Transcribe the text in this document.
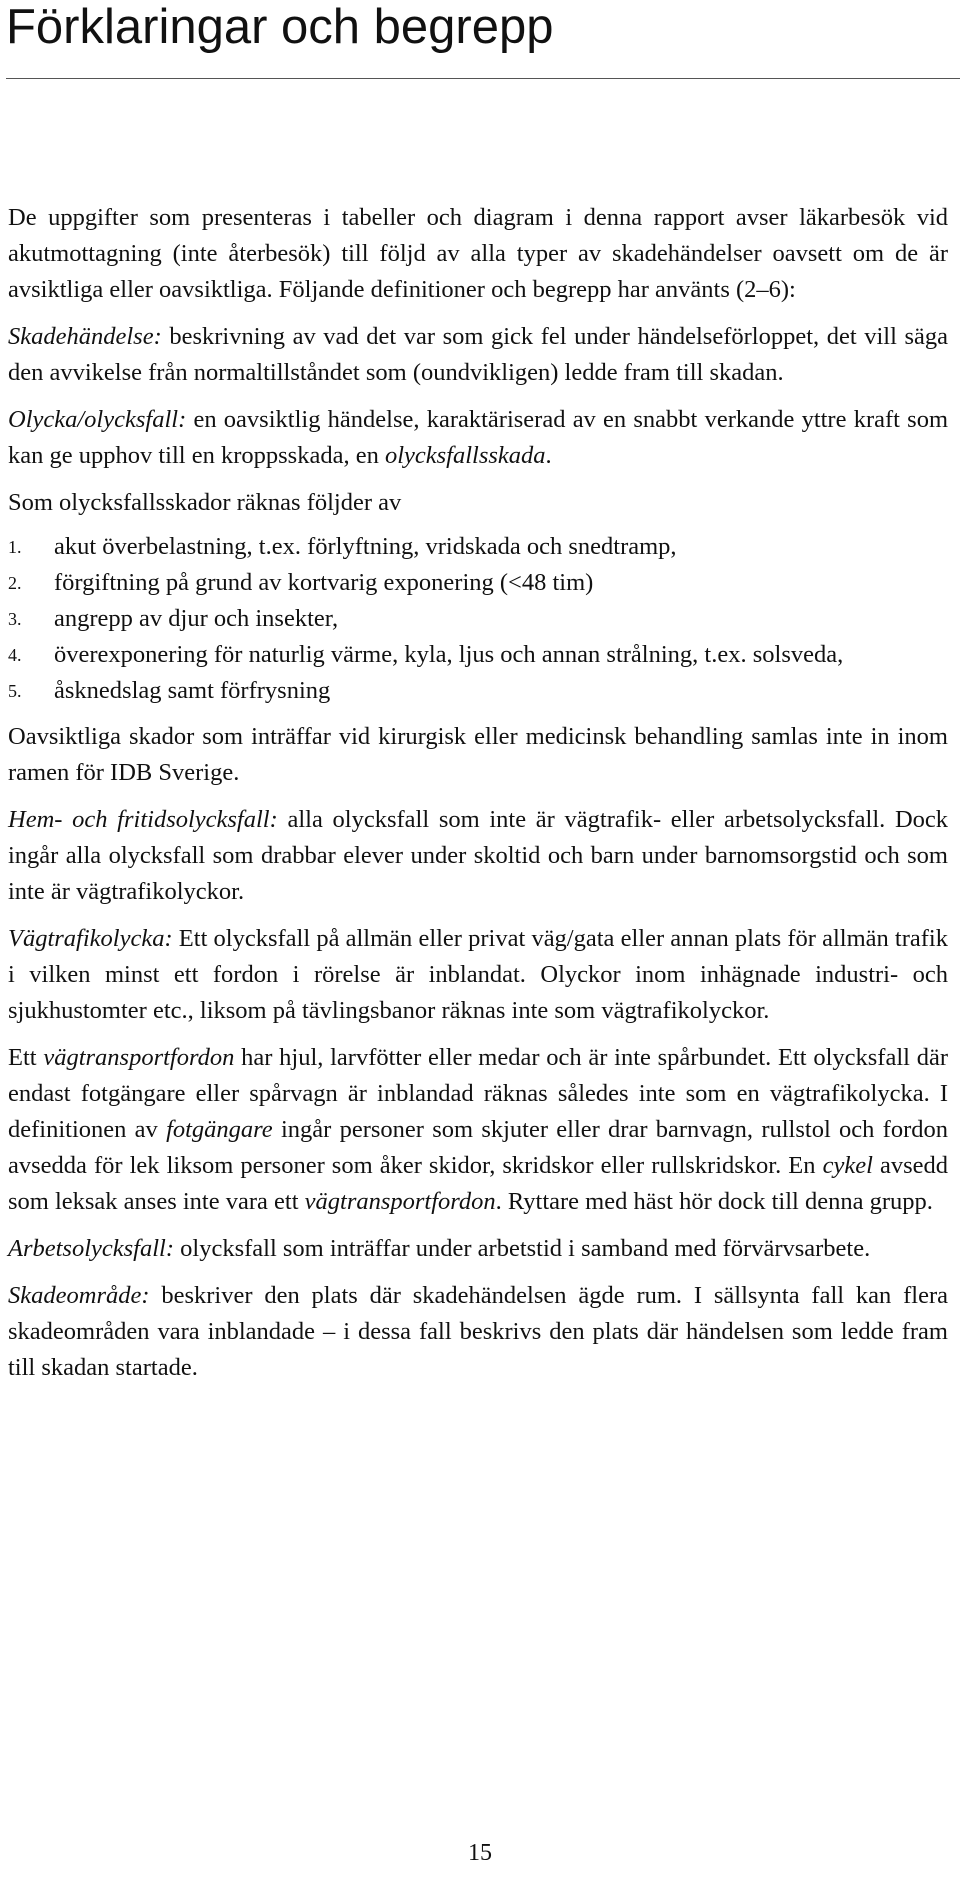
Förklaringar och begrepp

De uppgifter som presenteras i tabeller och diagram i denna rapport avser läkarbesök vid akutmottagning (inte återbesök) till följd av alla typer av skadehändelser oavsett om de är avsiktliga eller oavsiktliga. Följande definitioner och begrepp har använts (2–6):

Skadehändelse: beskrivning av vad det var som gick fel under händelseförloppet, det vill säga den avvikelse från normaltillståndet som (oundvikligen) ledde fram till skadan.

Olycka/olycksfall: en oavsiktlig händelse, karaktäriserad av en snabbt verkande yttre kraft som kan ge upphov till en kroppsskada, en olycksfallsskada.

Som olycksfallsskador räknas följder av

1. akut överbelastning, t.ex. förlyftning, vridskada och snedtramp,
2. förgiftning på grund av kortvarig exponering (<48 tim)
3. angrepp av djur och insekter,
4. överexponering för naturlig värme, kyla, ljus och annan strålning, t.ex. solsveda,
5. åsknedslag samt förfrysning

Oavsiktliga skador som inträffar vid kirurgisk eller medicinsk behandling samlas inte in inom ramen för IDB Sverige.

Hem- och fritidsolycksfall: alla olycksfall som inte är vägtrafik- eller arbetsolycksfall. Dock ingår alla olycksfall som drabbar elever under skoltid och barn under barnomsorgstid och som inte är vägtrafikolyckor.

Vägtrafikolycka: Ett olycksfall på allmän eller privat väg/gata eller annan plats för allmän trafik i vilken minst ett fordon i rörelse är inblandat. Olyckor inom inhägnade industri- och sjukhustomter etc., liksom på tävlingsbanor räknas inte som vägtrafikolyckor.

Ett vägtransportfordon har hjul, larvfötter eller medar och är inte spårbundet. Ett olycksfall där endast fotgängare eller spårvagn är inblandad räknas således inte som en vägtrafikolycka. I definitionen av fotgängare ingår personer som skjuter eller drar barnvagn, rullstol och fordon avsedda för lek liksom personer som åker skidor, skridskor eller rullskridskor. En cykel avsedd som leksak anses inte vara ett vägtransportfordon. Ryttare med häst hör dock till denna grupp.

Arbetsolycksfall: olycksfall som inträffar under arbetstid i samband med förvärvsarbete.

Skadeområde: beskriver den plats där skadehändelsen ägde rum. I sällsynta fall kan flera skadeområden vara inblandade – i dessa fall beskrivs den plats där händelsen som ledde fram till skadan startade.

15
